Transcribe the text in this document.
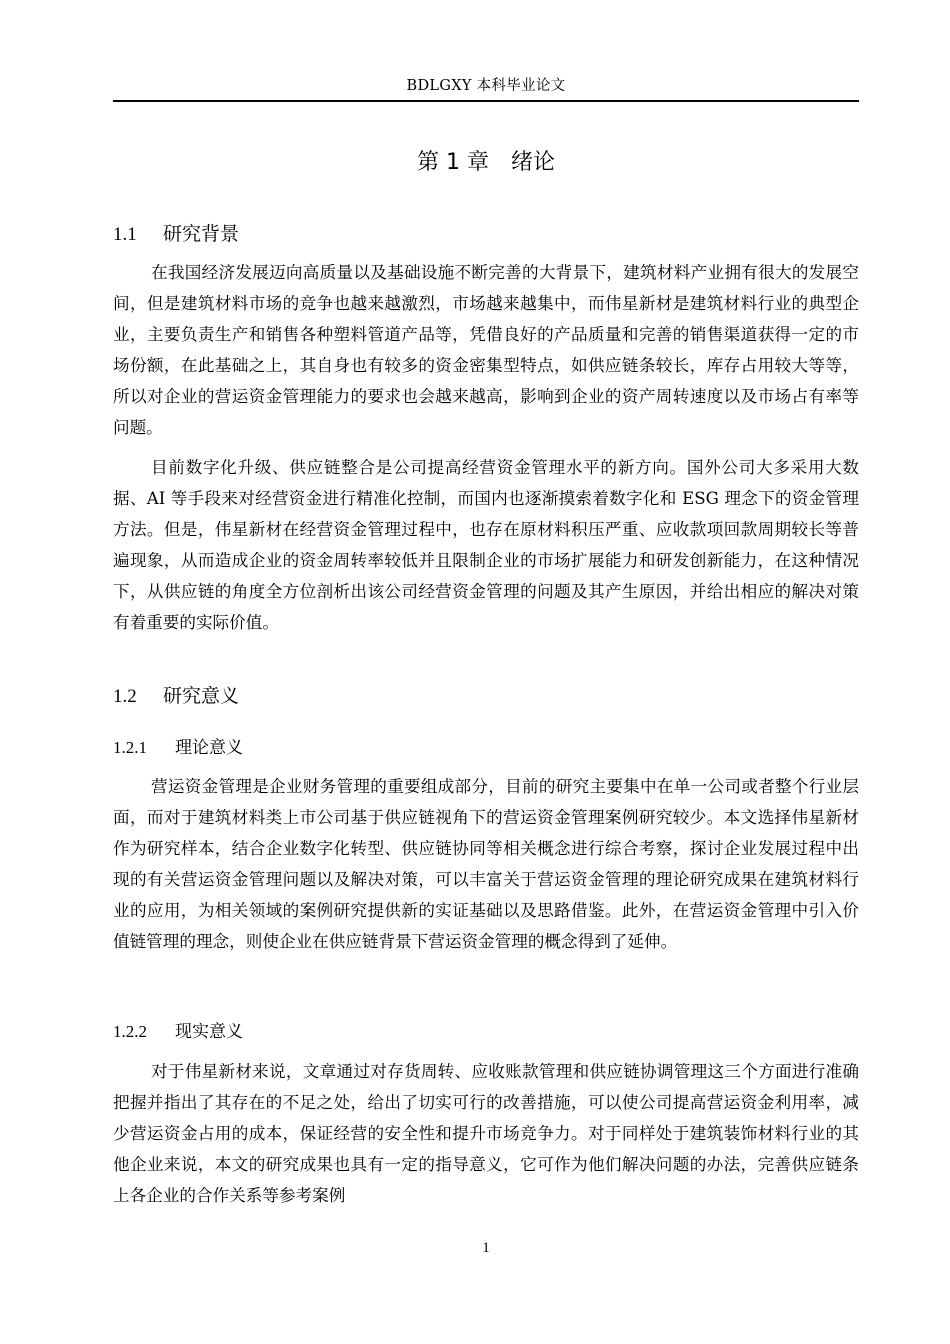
BDLGXY 本科毕业论文
第 1 章 绪论
1.1 研究背景

在我国经济发展迈向高质量以及基础设施不断完善的大背景下，建筑材料产业拥有很大的发展空间，但是建筑材料市场的竞争也越来越激烈，市场越来越集中，而伟星新材是建筑材料行业的典型企业，主要负责生产和销售各种塑料管道产品等，凭借良好的产品质量和完善的销售渠道获得一定的市场份额，在此基础之上，其自身也有较多的资金密集型特点，如供应链条较长，库存占用较大等等，所以对企业的营运资金管理能力的要求也会越来越高，影响到企业的资产周转速度以及市场占有率等问题。

目前数字化升级、供应链整合是公司提高经营资金管理水平的新方向。国外公司大多采用大数据、AI 等手段来对经营资金进行精准化控制，而国内也逐渐摸索着数字化和 ESG 理念下的资金管理方法。但是，伟星新材在经营资金管理过程中，也存在原材料积压严重、应收款项回款周期较长等普遍现象，从而造成企业的资金周转率较低并且限制企业的市场扩展能力和研发创新能力，在这种情况下，从供应链的角度全方位剖析出该公司经营资金管理的问题及其产生原因，并给出相应的解决对策有着重要的实际价值。

1.2 研究意义
1.2.1 理论意义

营运资金管理是企业财务管理的重要组成部分，目前的研究主要集中在单一公司或者整个行业层面，而对于建筑材料类上市公司基于供应链视角下的营运资金管理案例研究较少。本文选择伟星新材作为研究样本，结合企业数字化转型、供应链协同等相关概念进行综合考察，探讨企业发展过程中出现的有关营运资金管理问题以及解决对策，可以丰富关于营运资金管理的理论研究成果在建筑材料行业的应用，为相关领域的案例研究提供新的实证基础以及思路借鉴。此外，在营运资金管理中引入价值链管理的理念，则使企业在供应链背景下营运资金管理的概念得到了延伸。

1.2.2 现实意义

对于伟星新材来说，文章通过对存货周转、应收账款管理和供应链协调管理这三个方面进行准确把握并指出了其存在的不足之处，给出了切实可行的改善措施，可以使公司提高营运资金利用率，减少营运资金占用的成本，保证经营的安全性和提升市场竞争力。对于同样处于建筑装饰材料行业的其他企业来说，本文的研究成果也具有一定的指导意义，它可作为他们解决问题的办法，完善供应链条上各企业的合作关系等参考案例

1
